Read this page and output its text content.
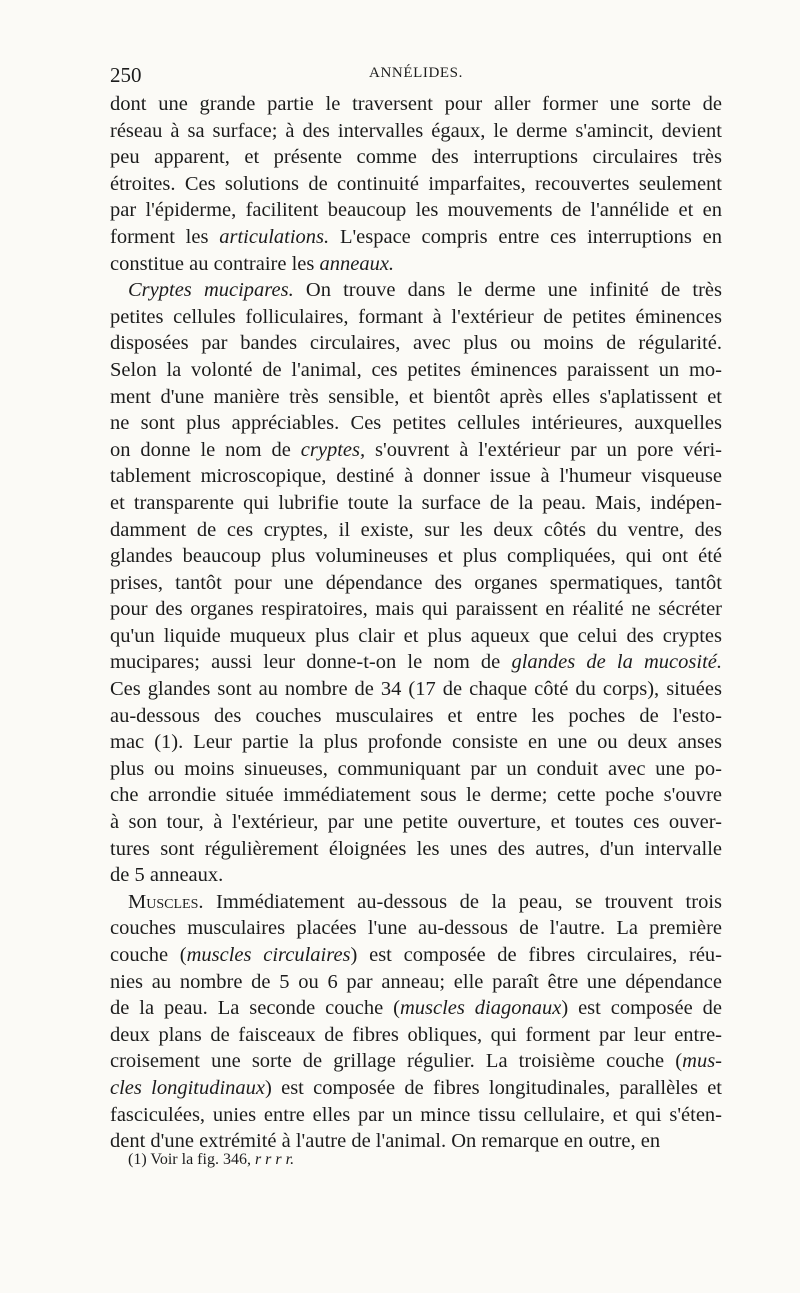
250	ANNÉLIDES.

dont une grande partie le traversent pour aller former une sorte de
réseau à sa surface; à des intervalles égaux, le derme s'amincit, devient
peu apparent, et présente comme des interruptions circulaires très
étroites. Ces solutions de continuité imparfaites, recouvertes seulement
par l'épiderme, facilitent beaucoup les mouvements de l'annélide et en
forment les articulations. L'espace compris entre ces interruptions en
constitue au contraire les anneaux.

Cryptes mucipares. On trouve dans le derme une infinité de très
petites cellules folliculaires, formant à l'extérieur de petites éminences
disposées par bandes circulaires, avec plus ou moins de régularité.
Selon la volonté de l'animal, ces petites éminences paraissent un mo-
ment d'une manière très sensible, et bientôt après elles s'aplatissent et
ne sont plus appréciables. Ces petites cellules intérieures, auxquelles
on donne le nom de cryptes, s'ouvrent à l'extérieur par un pore véri-
tablement microscopique, destiné à donner issue à l'humeur visqueuse
et transparente qui lubrifie toute la surface de la peau. Mais, indépen-
damment de ces cryptes, il existe, sur les deux côtés du ventre, des
glandes beaucoup plus volumineuses et plus compliquées, qui ont été
prises, tantôt pour une dépendance des organes spermatiques, tantôt
pour des organes respiratoires, mais qui paraissent en réalité ne sécréter
qu'un liquide muqueux plus clair et plus aqueux que celui des cryptes
mucipares; aussi leur donne-t-on le nom de glandes de la mucosité.
Ces glandes sont au nombre de 34 (17 de chaque côté du corps), situées
au-dessous des couches musculaires et entre les poches de l'esto-
mac (1). Leur partie la plus profonde consiste en une ou deux anses
plus ou moins sinueuses, communiquant par un conduit avec une po-
che arrondie située immédiatement sous le derme; cette poche s'ouvre
à son tour, à l'extérieur, par une petite ouverture, et toutes ces ouver-
tures sont régulièrement éloignées les unes des autres, d'un intervalle
de 5 anneaux.

Muscles. Immédiatement au-dessous de la peau, se trouvent trois
couches musculaires placées l'une au-dessous de l'autre. La première
couche (muscles circulaires) est composée de fibres circulaires, réu-
nies au nombre de 5 ou 6 par anneau; elle paraît être une dépendance
de la peau. La seconde couche (muscles diagonaux) est composée de
deux plans de faisceaux de fibres obliques, qui forment par leur entre-
croisement une sorte de grillage régulier. La troisième couche (mus-
cles longitudinaux) est composée de fibres longitudinales, parallèles et
fasciculées, unies entre elles par un mince tissu cellulaire, et qui s'éten-
dent d'une extrémité à l'autre de l'animal. On remarque en outre, en

(1) Voir la fig. 346, r r r r.
